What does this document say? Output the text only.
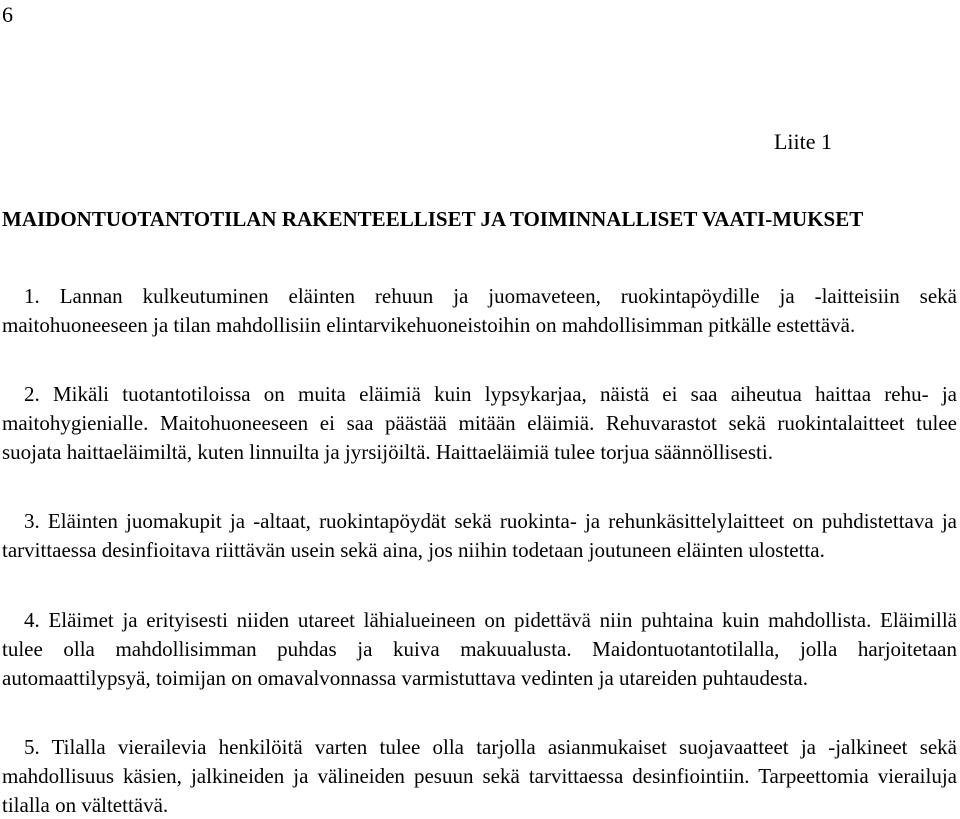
6
Liite 1
MAIDONTUOTANTOTILAN RAKENTEELLISET JA TOIMINNALLISET VAATI-MUKSET
1. Lannan kulkeutuminen eläinten rehuun ja juomaveteen, ruokintapöydille ja -laitteisiin sekä maitohuoneeseen ja tilan mahdollisiin elintarvikehuoneistoihin on mahdollisimman pitkälle estettävä.
2. Mikäli tuotantotiloissa on muita eläimiä kuin lypsykarjaa, näistä ei saa aiheutua haittaa rehu- ja maitohygienialle. Maitohuoneeseen ei saa päästää mitään eläimiä. Rehuvarastot sekä ruokintalaitteet tulee suojata haittaeläimiltä, kuten linnuilta ja jyrsijöiltä. Haittaeläimiä tulee torjua säännöllisesti.
3. Eläinten juomakupit ja -altaat, ruokintapöydät sekä ruokinta- ja rehunkäsittelylaitteet on puhdistettava ja tarvittaessa desinfioitava riittävän usein sekä aina, jos niihin todetaan joutuneen eläinten ulostetta.
4. Eläimet ja erityisesti niiden utareet lähialueineen on pidettävä niin puhtaina kuin mahdollista. Eläimillä tulee olla mahdollisimman puhdas ja kuiva makuualusta. Maidontuotantotilalla, jolla harjoitetaan automaattilypsyä, toimijan on omavalvonnassa varmistuttava vedinten ja utareiden puhtaudesta.
5. Tilalla vierailevia henkilöitä varten tulee olla tarjolla asianmukaiset suojavaatteet ja -jalkineet sekä mahdollisuus käsien, jalkineiden ja välineiden pesuun sekä tarvittaessa desinfiointiin. Tarpeettomia vierailuja tilalla on vältettävä.
